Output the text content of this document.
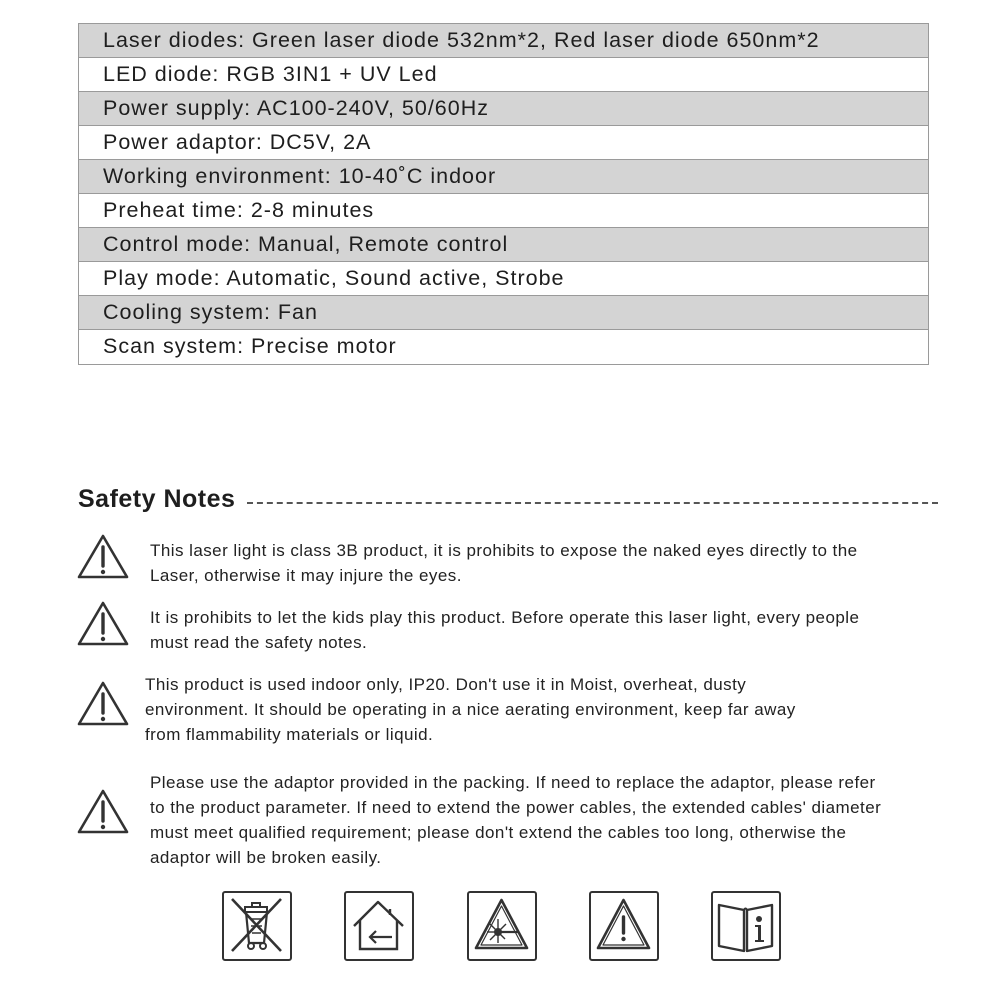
Laser diodes: Green laser diode 532nm*2, Red laser diode 650nm*2
LED diode: RGB 3IN1 + UV Led
Power supply: AC100-240V, 50/60Hz
Power adaptor: DC5V, 2A
Working environment: 10-40˚C indoor
Preheat time: 2-8 minutes
Control mode: Manual, Remote control
Play mode: Automatic, Sound active, Strobe
Cooling system: Fan
Scan system: Precise motor
Safety Notes
This laser light is class 3B product, it is prohibits to expose the naked eyes directly to the
Laser, otherwise it may injure the eyes.
It is prohibits to let the kids play this product. Before operate this laser light, every people
must read the safety notes.
This product is used indoor only, IP20. Don't use it in Moist, overheat, dusty
environment. It should be operating in a nice aerating environment, keep far away
from flammability materials or liquid.
Please use the adaptor provided in the packing. If need to replace the adaptor, please refer
to the product parameter. If need to extend the power cables, the extended cables' diameter
must meet qualified requirement; please don't extend the cables too long, otherwise the
adaptor will be broken easily.
